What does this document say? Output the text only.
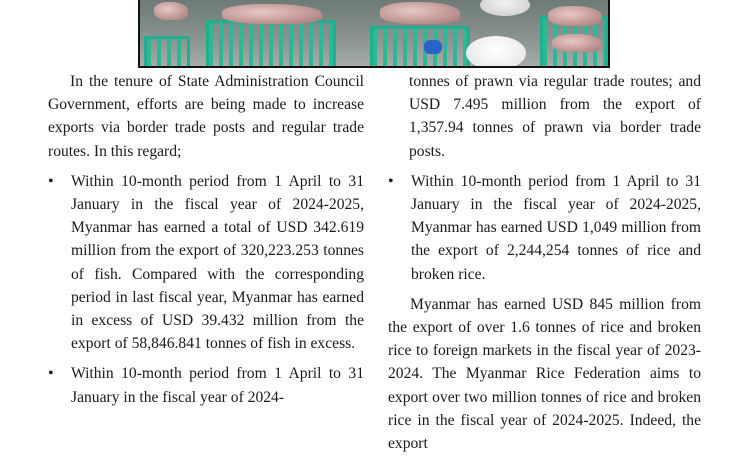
In the tenure of State Administration Council Government, efforts are being made to increase exports via border trade posts and regular trade routes. In this regard;

• Within 10-month period from 1 April to 31 January in the fiscal year of 2024-2025, Myanmar has earned a total of USD 342.619 million from the export of 320,223.253 tonnes of fish. Compared with the corresponding period in last fiscal year, Myanmar has earned in excess of USD 39.432 million from the export of 58,846.841 tonnes of fish in excess.
• Within 10-month period from 1 April to 31 January in the fiscal year of 2024-

tonnes of prawn via regular trade routes; and USD 7.495 million from the export of 1,357.94 tonnes of prawn via border trade posts.

• Within 10-month period from 1 April to 31 January in the fiscal year of 2024-2025, Myanmar has earned USD 1,049 million from the export of 2,244,254 tonnes of rice and broken rice.

Myanmar has earned USD 845 million from the export of over 1.6 tonnes of rice and broken rice to foreign markets in the fiscal year of 2023-2024. The Myanmar Rice Federation aims to export over two million tonnes of rice and broken rice in the fiscal year of 2024-2025. Indeed, the export
